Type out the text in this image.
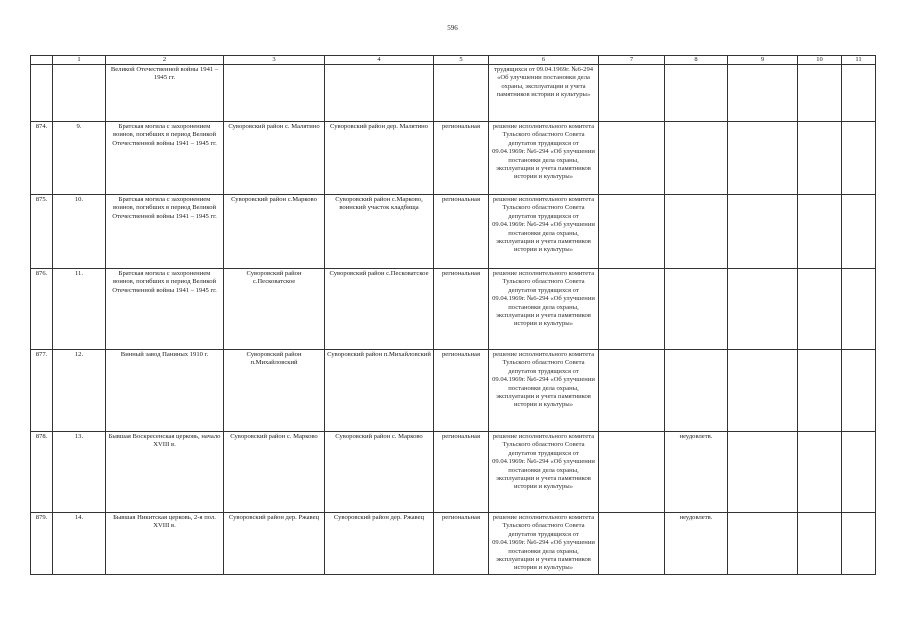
596
	1	2	3	4	5	6	7	8	9	10	11
		Великой Отечественной войны 1941 – 1945 гг.				трудящихся от 09.04.1969г. №6-294 «Об улучшении постановки дела охраны, эксплуатации и учета памятников истории и культуры»					
874.	9.	Братская могила с захоронением воинов, погибших в период Великой Отечественной войны 1941 – 1945 гг.	Суворовский район с. Малятино	Суворовский район дер. Малятино	региональная	решение исполнительного комитета Тульского областного Совета депутатов трудящихся от 09.04.1969г. №6-294 «Об улучшении постановки дела охраны, эксплуатации и учета памятников истории и культуры»					
875.	10.	Братская могила с захоронением воинов, погибших в период Великой Отечественной войны 1941 – 1945 гг.	Суворовский район с.Марково	Суворовский район с.Марково, воинский участок кладбища	региональная	решение исполнительного комитета Тульского областного Совета депутатов трудящихся от 09.04.1969г. №6-294 «Об улучшении постановки дела охраны, эксплуатации и учета памятников истории и культуры»					
876.	11.	Братская могила с захоронением воинов, погибших в период Великой Отечественной войны 1941 – 1945 гг.	Суворовский район с.Песковатское	Суворовский район с.Песковатское	региональная	решение исполнительного комитета Тульского областного Совета депутатов трудящихся от 09.04.1969г. №6-294 «Об улучшении постановки дела охраны, эксплуатации и учета памятников истории и культуры»					
877.	12.	Винный завод Паниных 1910 г.	Суворовский район п.Михайловский	Суворовский район п.Михайловский	региональная	решение исполнительного комитета Тульского областного Совета депутатов трудящихся от 09.04.1969г. №6-294 «Об улучшении постановки дела охраны, эксплуатации и учета памятников истории и культуры»					
878.	13.	Бывшая Воскресенская церковь, начало XVIII в.	Суворовский район с. Марково	Суворовский район с. Марково	региональная	решение исполнительного комитета Тульского областного Совета депутатов трудящихся от 09.04.1969г. №6-294 «Об улучшении постановки дела охраны, эксплуатации и учета памятников истории и культуры»		неудовлетв.			
879.	14.	Бывшая Никитская церковь, 2-я пол. XVIII в.	Суворовский район дер. Ржавец	Суворовский район дер. Ржавец	региональная	решение исполнительного комитета Тульского областного Совета депутатов трудящихся от 09.04.1969г. №6-294 «Об улучшении постановки дела охраны, эксплуатации и учета памятников истории и культуры»		неудовлетв.			
